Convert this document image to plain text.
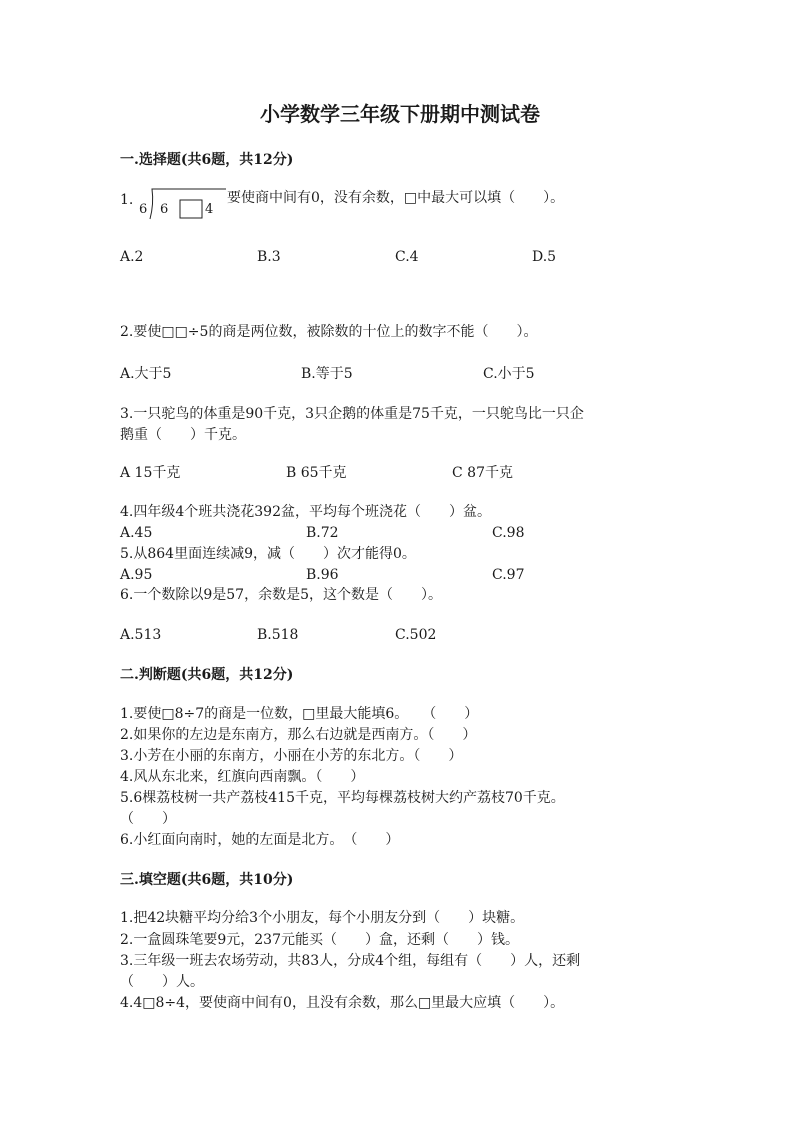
小学数学三年级下册期中测试卷
一.选择题(共6题，共12分)
1.
6 6	4
要使商中间有0，没有余数，□中最大可以填（　　）。
A.2	B.3	C.4	D.5
2.要使□□÷5的商是两位数，被除数的十位上的数字不能（　　）。
A.大于5	B.等于5	C.小于5
3.一只驼鸟的体重是90千克，3只企鹅的体重是75千克，一只鸵鸟比一只企
鹅重（　　）千克。
A 15千克	B 65千克	C 87千克
4.四年级4个班共浇花392盆，平均每个班浇花（　　）盆。
A.45	B.72	C.98
5.从864里面连续减9，减（　　）次才能得0。
A.95	B.96	C.97
6.一个数除以9是57，余数是5，这个数是（　　）。
A.513	B.518	C.502
二.判断题(共6题，共12分)
1.要使□8÷7的商是一位数，□里最大能填6。　　（　　）
2.如果你的左边是东南方，那么右边就是西南方。（　　）
3.小芳在小丽的东南方，小丽在小芳的东北方。（　　）
4.风从东北来，红旗向西南飘。（　　）
5.6棵荔枝树一共产荔枝415千克，平均每棵荔枝树大约产荔枝70千克。
（　　）
6.小红面向南时，她的左面是北方。　（　　）
三.填空题(共6题，共10分)
1.把42块糖平均分给3个小朋友，每个小朋友分到（　　）块糖。
2.一盒圆珠笔要9元，237元能买（　　）盒，还剩（　　）钱。
3.三年级一班去农场劳动，共83人，分成4个组，每组有（　　）人，还剩
（　　）人。
4.4□8÷4，要使商中间有0，且没有余数，那么□里最大应填（　　）。
